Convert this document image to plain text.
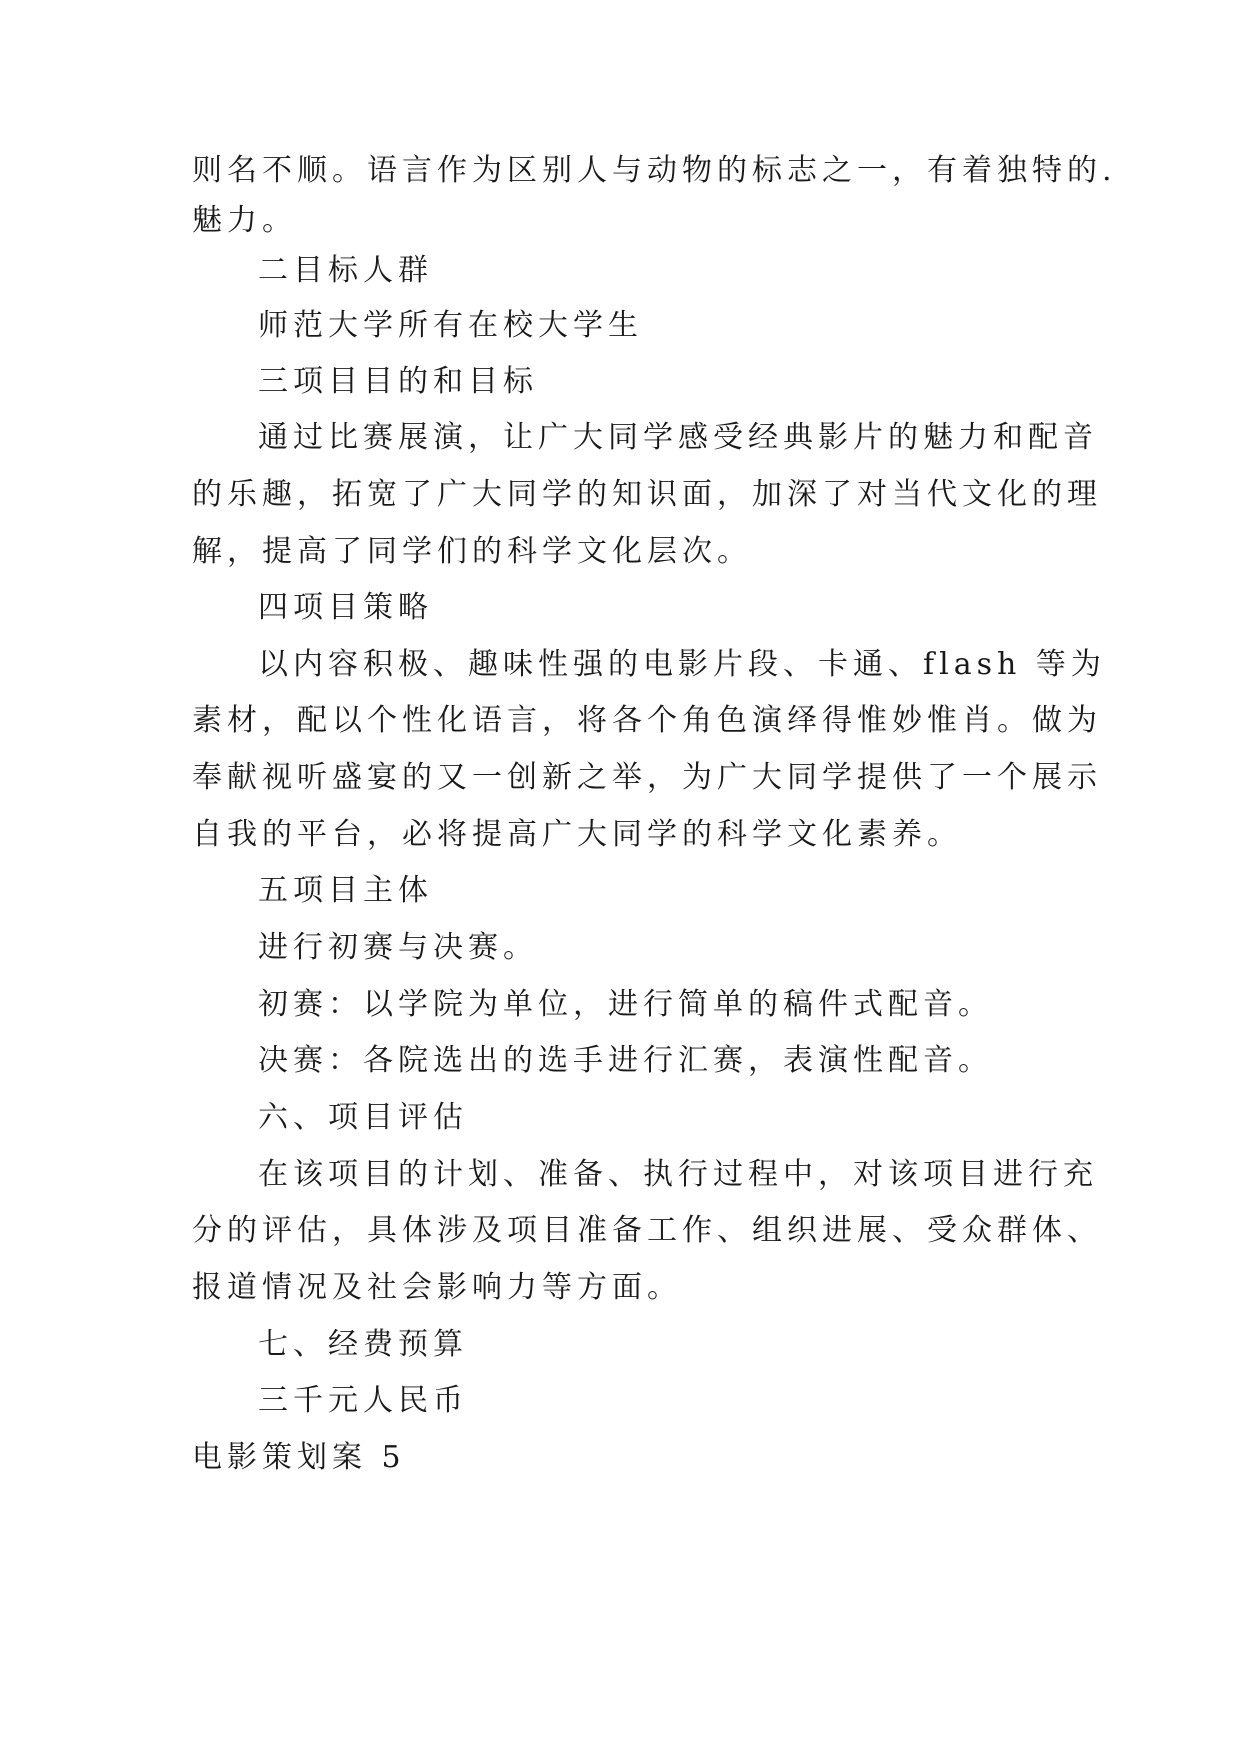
则名不顺。语言作为区别人与动物的标志之一，有着独特的.
魅力。
二目标人群
师范大学所有在校大学生
三项目目的和目标
通过比赛展演，让广大同学感受经典影片的魅力和配音
的乐趣，拓宽了广大同学的知识面，加深了对当代文化的理
解，提高了同学们的科学文化层次。
四项目策略
以内容积极、趣味性强的电影片段、卡通、flash 等为
素材，配以个性化语言，将各个角色演绎得惟妙惟肖。做为
奉献视听盛宴的又一创新之举，为广大同学提供了一个展示
自我的平台，必将提高广大同学的科学文化素养。
五项目主体
进行初赛与决赛。
初赛：以学院为单位，进行简单的稿件式配音。
决赛：各院选出的选手进行汇赛，表演性配音。
六、项目评估
在该项目的计划、准备、执行过程中，对该项目进行充
分的评估，具体涉及项目准备工作、组织进展、受众群体、
报道情况及社会影响力等方面。
七、经费预算
三千元人民币
电影策划案 5
